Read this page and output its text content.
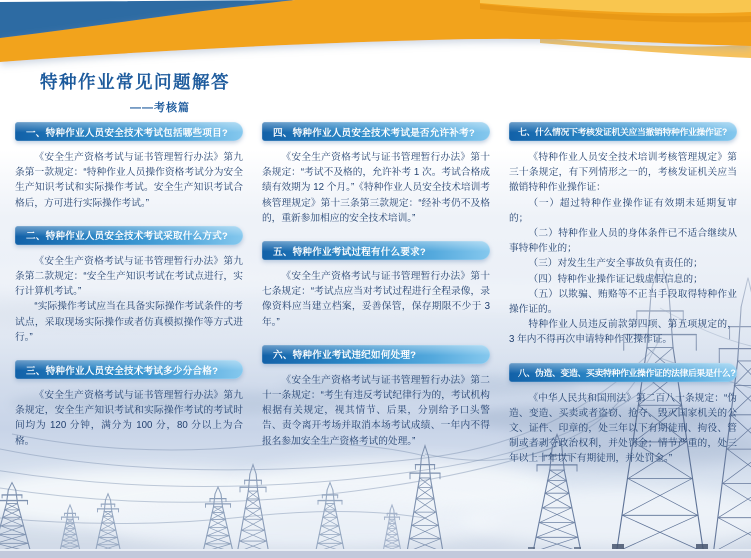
特种作业常见问题解答
——考核篇
一、特种作业人员安全技术考试包括哪些项目?

《安全生产资格考试与证书管理暂行办法》第九条第一款规定：“特种作业人员操作资格考试分为安全生产知识考试和实际操作考试。安全生产知识考试合格后，方可进行实际操作考试。”

二、特种作业人员安全技术考试采取什么方式?

《安全生产资格考试与证书管理暂行办法》第九条第二款规定：“安全生产知识考试在考试点进行，实行计算机考试。”

“实际操作考试应当在具备实际操作考试条件的考试点，采取现场实际操作或者仿真模拟操作等方式进行。”

三、特种作业人员安全技术考试多少分合格?

《安全生产资格考试与证书管理暂行办法》第九条规定，安全生产知识考试和实际操作考试的考试时间均为 120 分钟，满分为 100 分，80 分以上为合格。

四、特种作业人员安全技术考试是否允许补考?

《安全生产资格考试与证书管理暂行办法》第十条规定：“考试不及格的，允许补考 1 次。考试合格成绩有效期为 12 个月。”《特种作业人员安全技术培训考核管理规定》第十三条第三款规定：“经补考仍不及格的，重新参加相应的安全技术培训。”

五、特种作业考试过程有什么要求?

《安全生产资格考试与证书管理暂行办法》第十七条规定：“考试点应当对考试过程进行全程录像，录像资料应当建立档案，妥善保管，保存期限不少于 3 年。”

六、特种作业考试违纪如何处理?

《安全生产资格考试与证书管理暂行办法》第二十一条规定：“考生有违反考试纪律行为的，考试机构根据有关规定，视其情节、后果，分别给予口头警告、责令离开考场并取消本场考试成绩、一年内不得报名参加安全生产资格考试的处理。”

七、什么情况下考核发证机关应当撤销特种作业操作证?

《特种作业人员安全技术培训考核管理规定》第三十条规定，有下列情形之一的，考核发证机关应当撤销特种作业操作证：

（一）超过特种作业操作证有效期未延期复审的；

（二）特种作业人员的身体条件已不适合继续从事特种作业的；

（三）对发生生产安全事故负有责任的；

（四）特种作业操作证记载虚假信息的；

（五）以欺骗、贿赂等不正当手段取得特种作业操作证的。

特种作业人员违反前款第四项、第五项规定的，3 年内不得再次申请特种作业操作证。

八、伪造、变造、买卖特种作业操作证的法律后果是什么?

《中华人民共和国刑法》第二百八十条规定：“伪造、变造、买卖或者盗窃、抢夺、毁灭国家机关的公文、证件、印章的，处三年以下有期徒刑、拘役、管制或者剥夺政治权利，并处罚金；情节严重的，处三年以上十年以下有期徒刑，并处罚金。”
